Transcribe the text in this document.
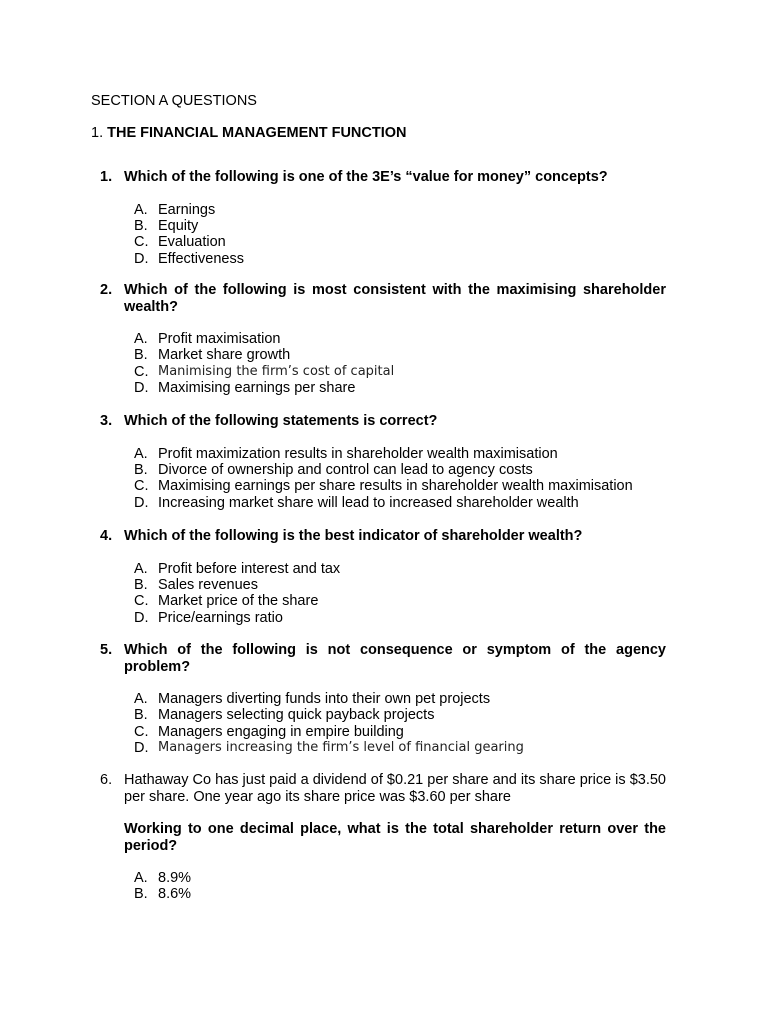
SECTION A QUESTIONS

1. THE FINANCIAL MANAGEMENT FUNCTION

1. Which of the following is one of the 3E’s “value for money” concepts?
A. Earnings
B. Equity
C. Evaluation
D. Effectiveness
2. Which of the following is most consistent with the maximising shareholder wealth?
A. Profit maximisation
B. Market share growth
C. Manimising the firm’s cost of capital
D. Maximising earnings per share
3. Which of the following statements is correct?
A. Profit maximization results in shareholder wealth maximisation
B. Divorce of ownership and control can lead to agency costs
C. Maximising earnings per share results in shareholder wealth maximisation
D. Increasing market share will lead to increased shareholder wealth
4. Which of the following is the best indicator of shareholder wealth?
A. Profit before interest and tax
B. Sales revenues
C. Market price of the share
D. Price/earnings ratio
5. Which of the following is not consequence or symptom of the agency problem?
A. Managers diverting funds into their own pet projects
B. Managers selecting quick payback projects
C. Managers engaging in empire building
D. Managers increasing the firm’s level of financial gearing
6. Hathaway Co has just paid a dividend of $0.21 per share and its share price is $3.50 per share. One year ago its share price was $3.60 per share
Working to one decimal place, what is the total shareholder return over the period?
A. 8.9%
B. 8.6%
